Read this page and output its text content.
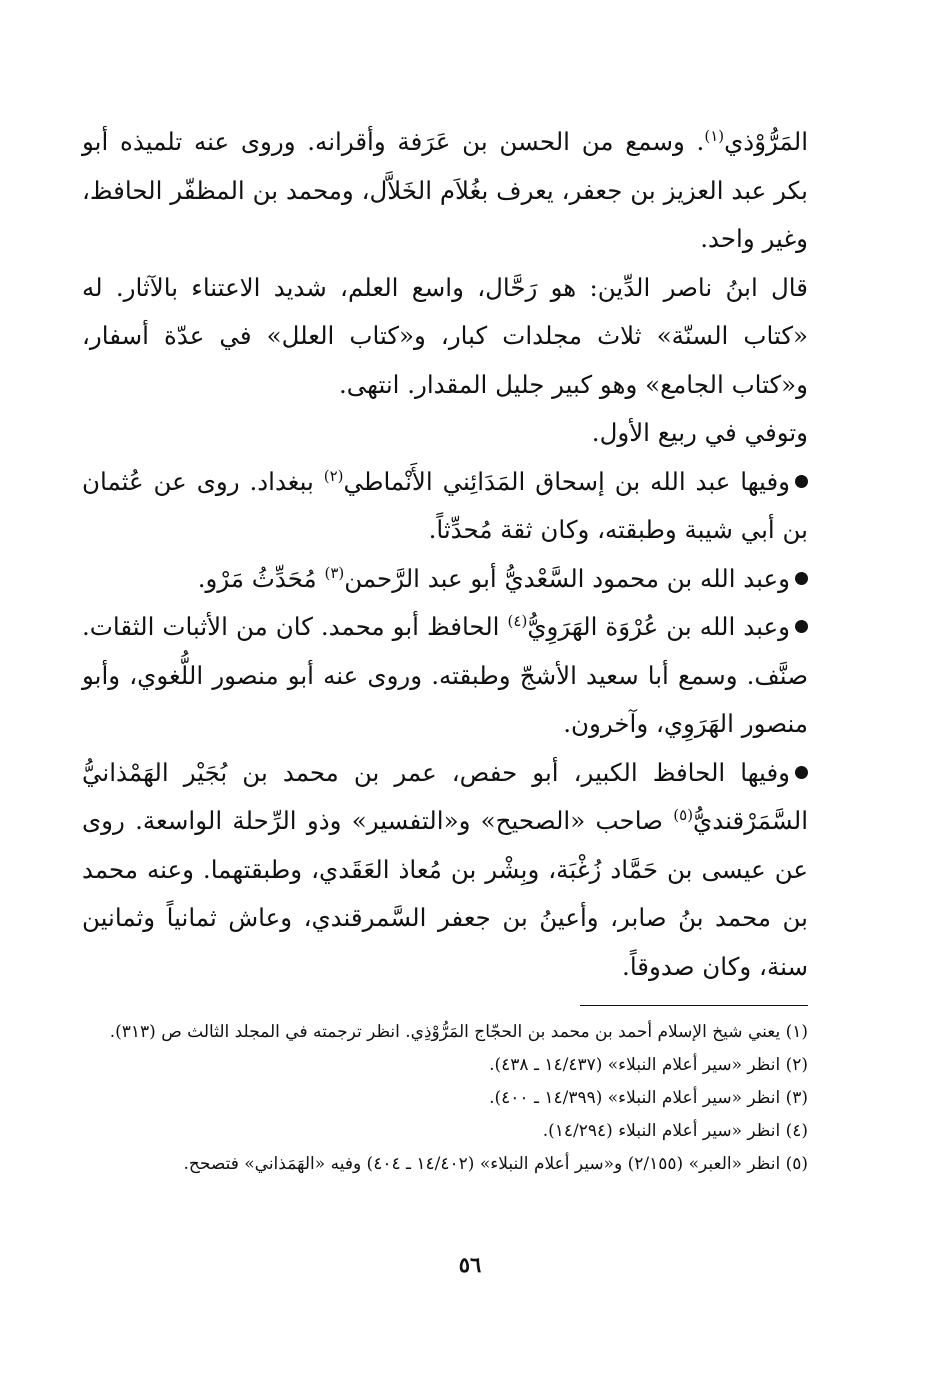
المَرُّوْذي$^{(١)}$. وسمع من الحسن بن عَرَفة وأقرانه. وروى عنه تلميذه أبو بكر عبد العزيز بن جعفر، يعرف بغُلاَم الخَلاَّل، ومحمد بن المظفّر الحافظ، وغير واحد.

قال ابنُ ناصر الدِّين: هو رَحَّال، واسع العلم، شديد الاعتناء بالآثار. له «كتاب السنّة» ثلاث مجلدات كبار، و«كتاب العلل» في عدّة أسفار، و«كتاب الجامع» وهو كبير جليل المقدار. انتهى.

وتوفي في ربيع الأول.

وفيها عبد الله بن إسحاق المَدَائِني الأَنْماطي$^{(٢)}$ ببغداد. روى عن عُثمان بن أبي شيبة وطبقته، وكان ثقة مُحدِّثاً.

وعبد الله بن محمود السَّعْديُّ أبو عبد الرَّحمن$^{(٣)}$ مُحَدِّثُ مَرْو.

وعبد الله بن عُرْوَة الهَرَوِيُّ$^{(٤)}$ الحافظ أبو محمد. كان من الأثبات الثقات. صنَّف. وسمع أبا سعيد الأشجّ وطبقته. وروى عنه أبو منصور اللُّغوي، وأبو منصور الهَرَوِي، وآخرون.

وفيها الحافظ الكبير، أبو حفص، عمر بن محمد بن بُجَيْر الهَمْذانيُّ السَّمَرْقنديُّ$^{(٥)}$ صاحب «الصحيح» و«التفسير» وذو الرِّحلة الواسعة. روى عن عيسى بن حَمَّاد زُغْبَة، وبِشْر بن مُعاذ العَقَدي، وطبقتهما. وعنه محمد بن محمد بنُ صابر، وأعينُ بن جعفر السَّمرقندي، وعاش ثمانياً وثمانين سنة، وكان صدوقاً.

(١) يعني شيخ الإسلام أحمد بن محمد بن الحجّاج المَرُّوْذِي. انظر ترجمته في المجلد الثالث ص (٣١٣).

(٢) انظر «سير أعلام النبلاء» (١٤/٤٣٧ ـ ٤٣٨).

(٣) انظر «سير أعلام النبلاء» (١٤/٣٩٩ ـ ٤٠٠).

(٤) انظر «سير أعلام النبلاء (١٤/٢٩٤).

(٥) انظر «العبر» (٢/١٥٥) و«سير أعلام النبلاء» (١٤/٤٠٢ ـ ٤٠٤) وفيه «الهَمَذاني» فتصحح.

٥٦
